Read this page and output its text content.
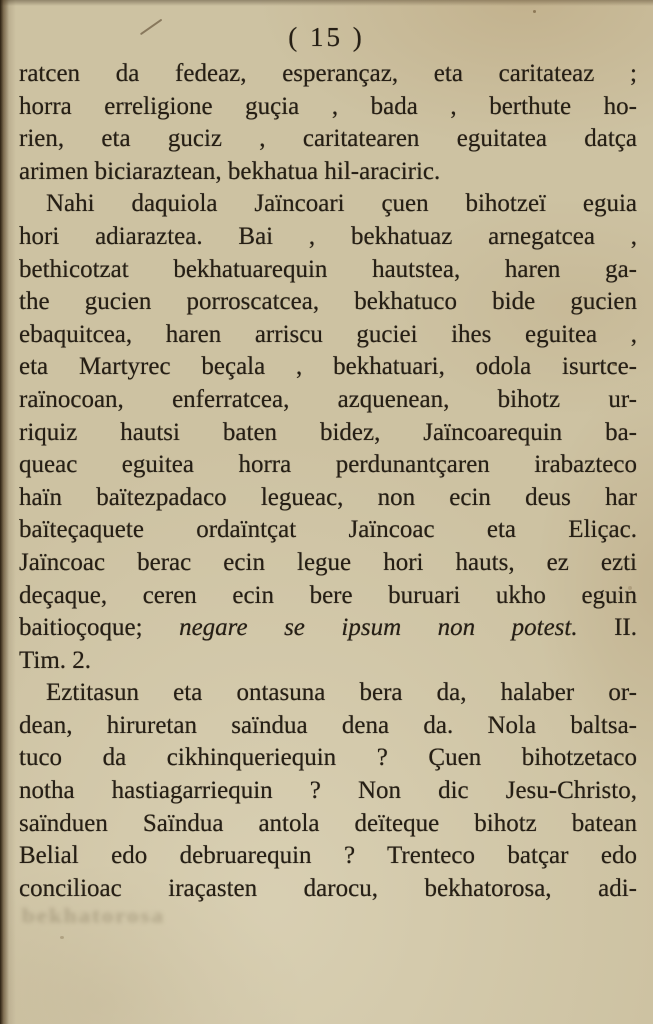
( 15 )
ratcen da fedeaz, esperançaz, eta caritateaz ;
horra erreligione guçia , bada , berthute ho-
rien, eta guciz , caritatearen eguitatea datça
arimen biciaraztean, bekhatua hil-araciric.
Nahi daquiola Jaïncoari çuen bihotzeï eguia
hori adiaraztea. Bai , bekhatuaz arnegatcea ,
bethicotzat bekhatuarequin hautstea, haren ga-
the gucien porroscatcea, bekhatuco bide gucien
ebaquitcea, haren arriscu guciei ihes eguitea ,
eta Martyrec beçala , bekhatuari, odola isurtce-
raïnocoan, enferratcea, azquenean, bihotz ur-
riquiz hautsi baten bidez, Jaïncoarequin ba-
queac eguitea horra perdunantçaren irabazteco
haïn baïtezpadaco legueac, non ecin deus har
baïteçaquete ordaïntçat Jaïncoac eta Eliçac.
Jaïncoac berac ecin legue hori hauts, ez ezti
deçaque, ceren ecin bere buruari ukho eguin
baitioçoque; negare se ipsum non potest. II.
Tim. 2.
Eztitasun eta ontasuna bera da, halaber or-
dean, hiruretan saïndua dena da. Nola baltsa-
tuco da cikhinqueriequin ? Çuen bihotzetaco
notha hastiagarriequin ? Non dic Jesu-Christo,
saïnduen Saïndua antola deïteque bihotz batean
Belial edo debruarequin ? Trenteco batçar edo
concilioac iraçasten darocu, bekhatorosa, adi-
bekhatorosa
